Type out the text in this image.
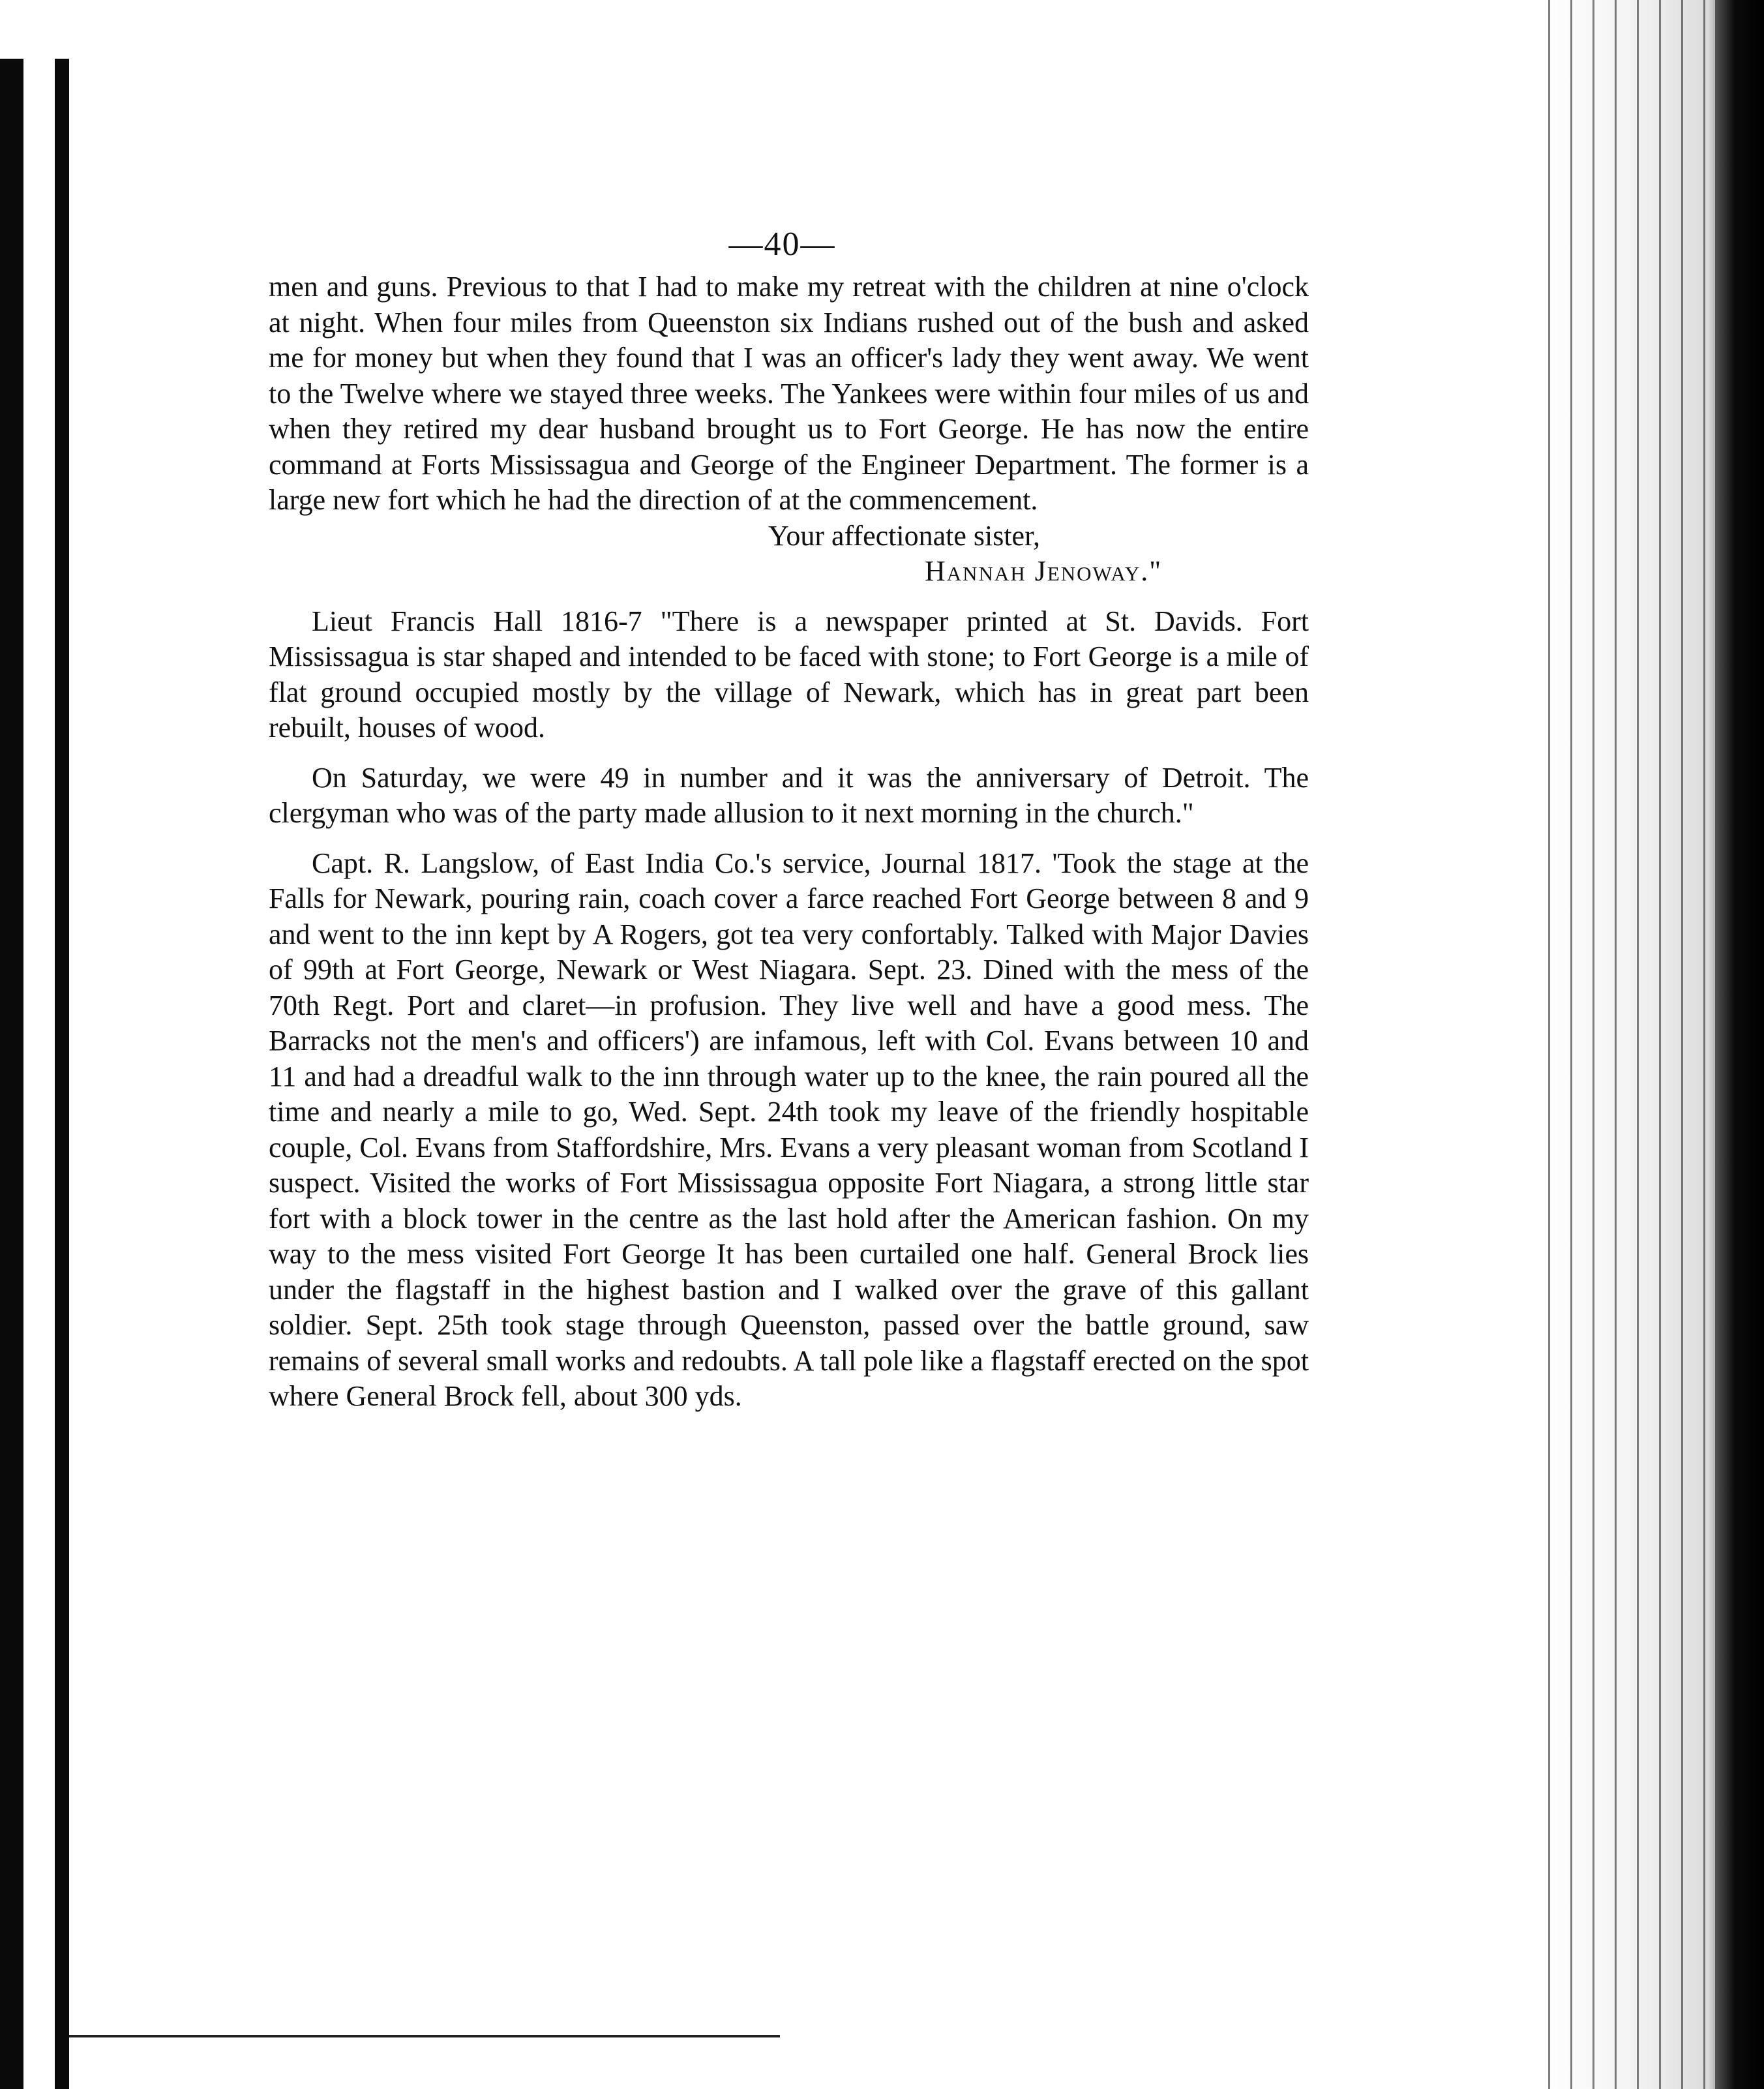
—40—

men and guns. Previous to that I had to make my retreat with the children at nine o'clock at night. When four miles from Queenston six Indians rushed out of the bush and asked me for money but when they found that I was an officer's lady they went away. We went to the Twelve where we stayed three weeks. The Yankees were within four miles of us and when they retired my dear husband brought us to Fort George. He has now the entire command at Forts Mississagua and George of the Engineer Department. The former is a large new fort which he had the direction of at the commencement.

Your affectionate sister,

Hannah Jenoway."

Lieut Francis Hall 1816-7 "There is a newspaper printed at St. Davids. Fort Mississagua is star shaped and intended to be faced with stone; to Fort George is a mile of flat ground occupied mostly by the village of Newark, which has in great part been rebuilt, houses of wood.

On Saturday, we were 49 in number and it was the anniversary of Detroit. The clergyman who was of the party made allusion to it next morning in the church."

Capt. R. Langslow, of East India Co.'s service, Journal 1817. 'Took the stage at the Falls for Newark, pouring rain, coach cover a farce reached Fort George between 8 and 9 and went to the inn kept by A Rogers, got tea very confortably. Talked with Major Davies of 99th at Fort George, Newark or West Niagara. Sept. 23. Dined with the mess of the 70th Regt. Port and claret—in profusion. They live well and have a good mess. The Barracks not the men's and officers') are infamous, left with Col. Evans between 10 and 11 and had a dreadful walk to the inn through water up to the knee, the rain poured all the time and nearly a mile to go, Wed. Sept. 24th took my leave of the friendly hospitable couple, Col. Evans from Staffordshire, Mrs. Evans a very pleasant woman from Scotland I suspect. Visited the works of Fort Mississagua opposite Fort Niagara, a strong little star fort with a block tower in the centre as the last hold after the American fashion. On my way to the mess visited Fort George It has been curtailed one half. General Brock lies under the flagstaff in the highest bastion and I walked over the grave of this gallant soldier. Sept. 25th took stage through Queenston, passed over the battle ground, saw remains of several small works and redoubts. A tall pole like a flagstaff erected on the spot where General Brock fell, about 300 yds.
